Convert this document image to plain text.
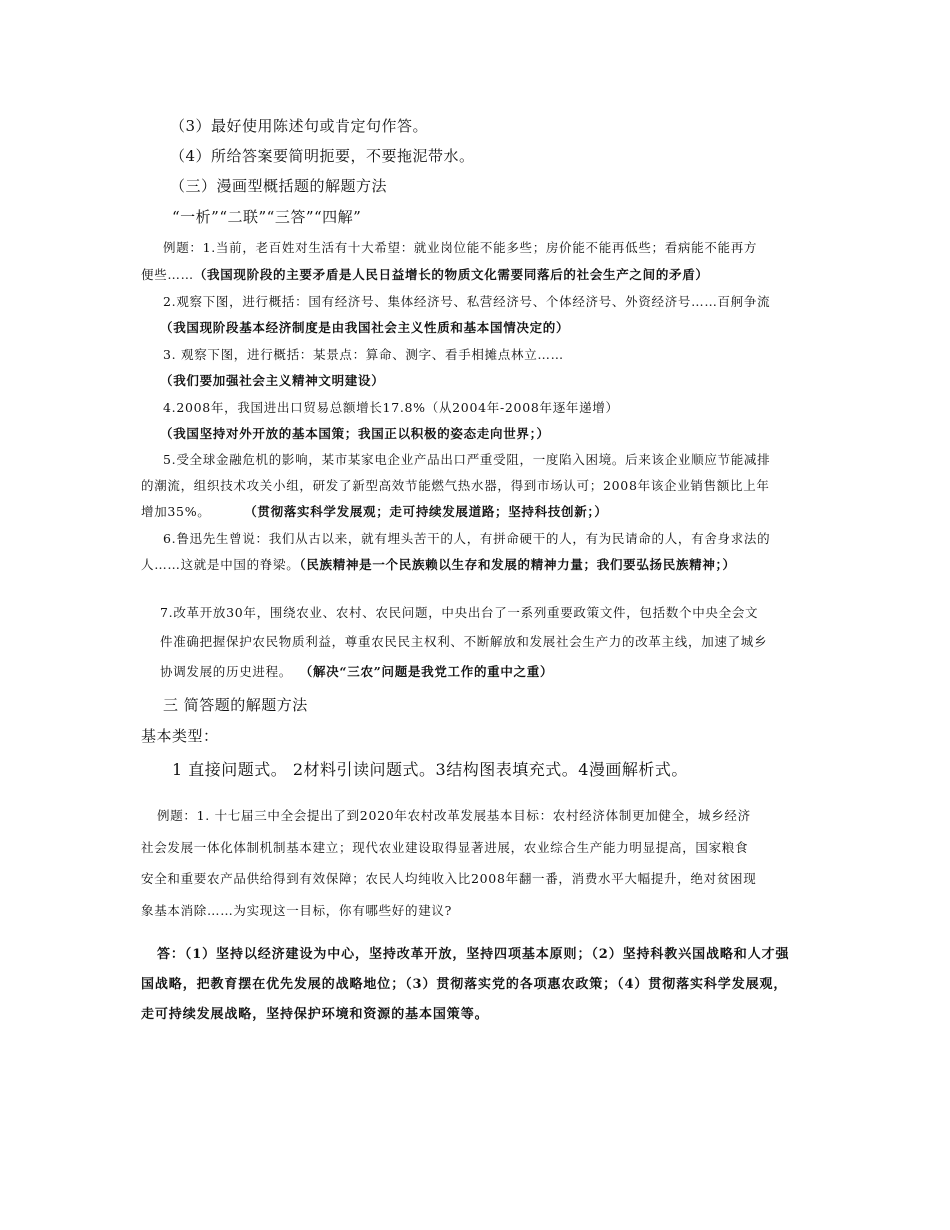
（3）最好使用陈述句或肯定句作答。
（4）所给答案要简明扼要，不要拖泥带水。
（三）漫画型概括题的解题方法
“一析”“二联”“三答”“四解”
例题：1.当前，老百姓对生活有十大希望：就业岗位能不能多些；房价能不能再低些；看病能不能再方
便些……（我国现阶段的主要矛盾是人民日益增长的物质文化需要同落后的社会生产之间的矛盾）
2.观察下图，进行概括：国有经济号、集体经济号、私营经济号、个体经济号、外资经济号……百舸争流
（我国现阶段基本经济制度是由我国社会主义性质和基本国情决定的）
3. 观察下图，进行概括：某景点：算命、测字、看手相摊点林立……
（我们要加强社会主义精神文明建设）
4.2008年，我国进出口贸易总额增长17.8%（从2004年-2008年逐年递增）
（我国坚持对外开放的基本国策；我国正以积极的姿态走向世界；）
5.受全球金融危机的影响，某市某家电企业产品出口严重受阻，一度陷入困境。后来该企业顺应节能减排
的潮流，组织技术攻关小组，研发了新型高效节能燃气热水器，得到市场认可；2008年该企业销售额比上年
增加35%。	（贯彻落实科学发展观；走可持续发展道路；坚持科技创新；）
6.鲁迅先生曾说：我们从古以来，就有埋头苦干的人，有拼命硬干的人，有为民请命的人，有舍身求法的
人……这就是中国的脊梁。（民族精神是一个民族赖以生存和发展的精神力量；我们要弘扬民族精神；）
7.改革开放30年，围绕农业、农村、农民问题，中央出台了一系列重要政策文件，包括数个中央全会文
件准确把握保护农民物质利益，尊重农民民主权利、不断解放和发展社会生产力的改革主线，加速了城乡
协调发展的历史进程。 （解决“三农”问题是我党工作的重中之重）
三 简答题的解题方法
基本类型：
1 直接问题式。 2材料引读问题式。3结构图表填充式。4漫画解析式。
例题：1. 十七届三中全会提出了到2020年农村改革发展基本目标：农村经济体制更加健全，城乡经济
社会发展一体化体制机制基本建立；现代农业建设取得显著进展，农业综合生产能力明显提高，国家粮食
安全和重要农产品供给得到有效保障；农民人均纯收入比2008年翻一番，消费水平大幅提升，绝对贫困现
象基本消除……为实现这一目标，你有哪些好的建议?
答：（1）坚持以经济建设为中心，坚持改革开放，坚持四项基本原则；（2）坚持科教兴国战略和人才强
国战略，把教育摆在优先发展的战略地位；（3）贯彻落实党的各项惠农政策；（4）贯彻落实科学发展观，
走可持续发展战略，坚持保护环境和资源的基本国策等。
